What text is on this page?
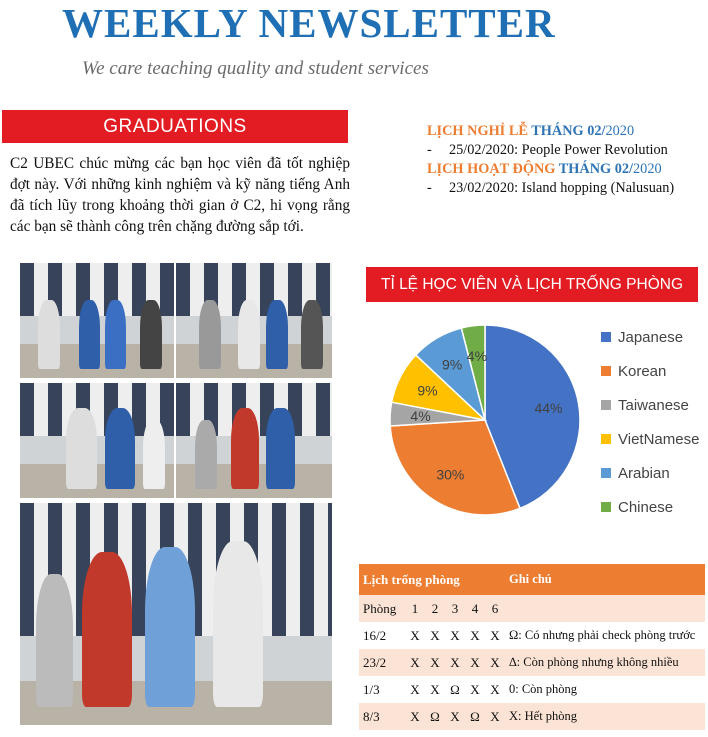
WEEKLY NEWSLETTER
We care teaching quality and student services
GRADUATIONS
C2 UBEC chúc mừng các bạn học viên đã tốt nghiệp đợt này. Với những kinh nghiệm và kỹ năng tiếng Anh đã tích lũy trong khoảng thời gian ở C2, hi vọng rằng các bạn sẽ thành công trên chặng đường sắp tới.
LỊCH NGHỈ LỄ THÁNG 02/2020
- 25/02/2020: People Power Revolution
LỊCH HOẠT ĐỘNG THÁNG 02/2020
- 23/02/2020: Island hopping (Nalusuan)
TỈ LỆ HỌC VIÊN VÀ LỊCH TRỐNG PHÒNG
44%
30%
4%
9%
9%
4%
Japanese
Korean
Taiwanese
VietNamese
Arabian
Chinese
Lịch trống phòng						Ghi chú
Phòng	1	2	3	4	6	
16/2	X	X	X	X	X	Ω: Có nhưng phải check phòng trước
23/2	X	X	X	X	X	∆: Còn phòng nhưng không nhiều
1/3	X	X	Ω	X	X	0: Còn phòng
8/3	X	Ω	X	Ω	X	X: Hết phòng
